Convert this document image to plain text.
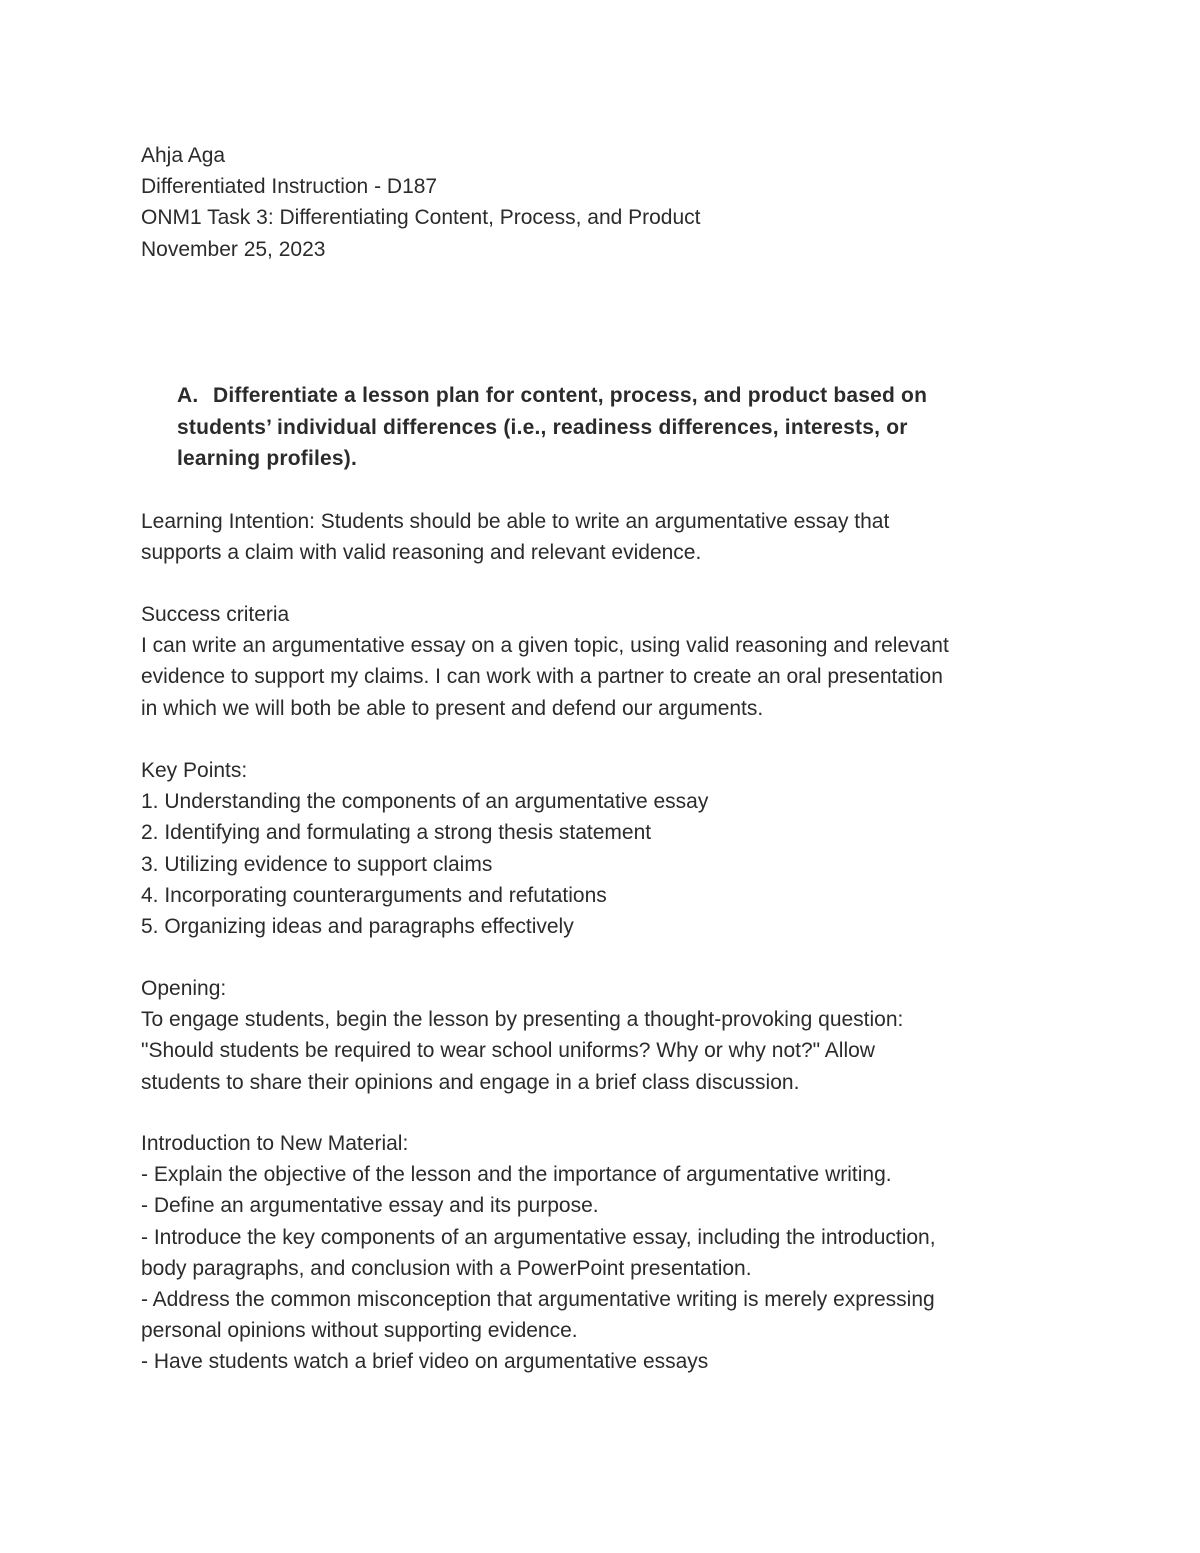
Ahja Aga
Differentiated Instruction - D187
ONM1 Task 3: Differentiating Content, Process, and Product
November 25, 2023
A. Differentiate a lesson plan for content, process, and product based on
students’ individual differences (i.e., readiness differences, interests, or
learning profiles).
Learning Intention: Students should be able to write an argumentative essay that
supports a claim with valid reasoning and relevant evidence.
Success criteria
I can write an argumentative essay on a given topic, using valid reasoning and relevant
evidence to support my claims. I can work with a partner to create an oral presentation
in which we will both be able to present and defend our arguments.
Key Points:
1. Understanding the components of an argumentative essay
2. Identifying and formulating a strong thesis statement
3. Utilizing evidence to support claims
4. Incorporating counterarguments and refutations
5. Organizing ideas and paragraphs effectively
Opening:
To engage students, begin the lesson by presenting a thought-provoking question:
"Should students be required to wear school uniforms? Why or why not?" Allow
students to share their opinions and engage in a brief class discussion.
Introduction to New Material:
- Explain the objective of the lesson and the importance of argumentative writing.
- Define an argumentative essay and its purpose.
- Introduce the key components of an argumentative essay, including the introduction,
body paragraphs, and conclusion with a PowerPoint presentation.
- Address the common misconception that argumentative writing is merely expressing
personal opinions without supporting evidence.
- Have students watch a brief video on argumentative essays
